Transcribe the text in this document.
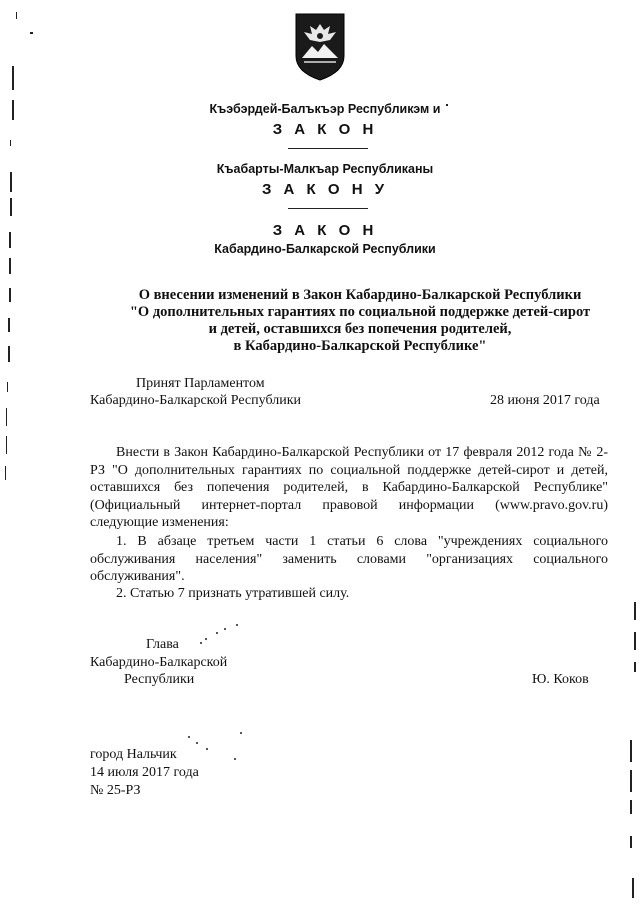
Къэбэрдей-Балъкъэр Республикэм и
З А К О Н
Къабарты-Малкъар Республиканы
З А К О Н У
З А К О Н
Кабардино-Балкарской Республики
О внесении изменений в Закон Кабардино-Балкарской Республики
"О дополнительных гарантиях по социальной поддержке детей-сирот
и детей, оставшихся без попечения родителей,
в Кабардино-Балкарской Республике"
Принят Парламентом
Кабардино-Балкарской Республики	28 июня 2017 года
Внести в Закон Кабардино-Балкарской Республики от 17 февраля 2012 года № 2-РЗ "О дополнительных гарантиях по социальной поддержке детей-сирот и детей, оставшихся без попечения родителей, в Кабардино-Балкарской Республике" (Официальный интернет-портал правовой информации (www.pravo.gov.ru) следующие изменения:
1. В абзаце третьем части 1 статьи 6 слова "учреждениях социального обслуживания населения" заменить словами "организациях социального обслуживания".
2. Статью 7 признать утратившей силу.
Глава
Кабардино-Балкарской
Республики	Ю. Коков
город Нальчик
14 июля 2017 года
№ 25-РЗ
